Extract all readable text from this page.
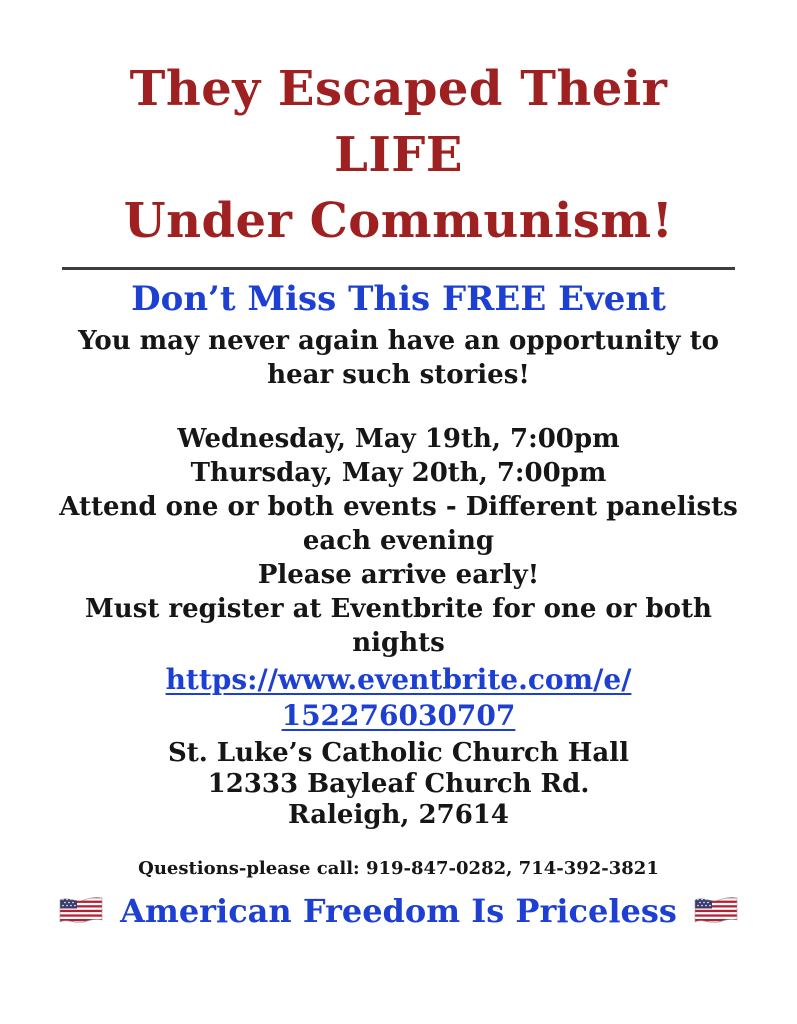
They Escaped Their
LIFE
Under Communism!
Don’t Miss This FREE Event
You may never again have an opportunity to
hear such stories!
Wednesday, May 19th, 7:00pm
Thursday, May 20th, 7:00pm
Attend one or both events - Different panelists
each evening
Please arrive early!
Must register at Eventbrite for one or both
nights
https://www.eventbrite.com/e/
152276030707
St. Luke’s Catholic Church Hall
12333 Bayleaf Church Rd.
Raleigh, 27614

Questions-please call: 919-847-0282, 714-392-3821

American Freedom Is Priceless
